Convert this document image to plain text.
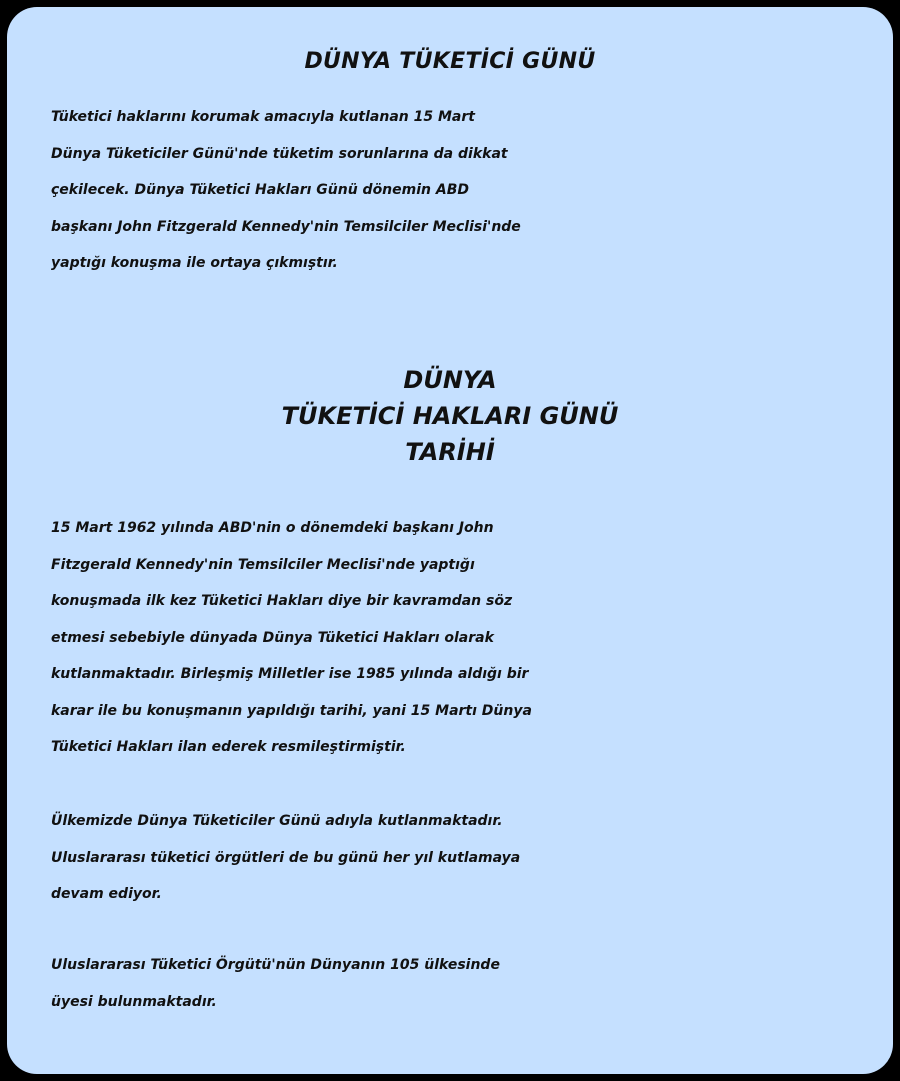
DÜNYA TÜKETİCİ GÜNÜ
Tüketici haklarını korumak amacıyla kutlanan 15 Mart
Dünya Tüketiciler Günü'nde tüketim sorunlarına da dikkat
çekilecek. Dünya Tüketici Hakları Günü dönemin ABD
başkanı John Fitzgerald Kennedy'nin Temsilciler Meclisi'nde
yaptığı konuşma ile ortaya çıkmıştır.
DÜNYA
TÜKETİCİ HAKLARI GÜNÜ
TARİHİ
15 Mart 1962 yılında ABD'nin o dönemdeki başkanı John
Fitzgerald Kennedy'nin Temsilciler Meclisi'nde yaptığı
konuşmada ilk kez Tüketici Hakları diye bir kavramdan söz
etmesi sebebiyle dünyada Dünya Tüketici Hakları olarak
kutlanmaktadır. Birleşmiş Milletler ise 1985 yılında aldığı bir
karar ile bu konuşmanın yapıldığı tarihi, yani 15 Martı Dünya
Tüketici Hakları ilan ederek resmileştirmiştir.
Ülkemizde Dünya Tüketiciler Günü adıyla kutlanmaktadır.
Uluslararası tüketici örgütleri de bu günü her yıl kutlamaya
devam ediyor.
Uluslararası Tüketici Örgütü'nün Dünyanın 105 ülkesinde
üyesi bulunmaktadır.
